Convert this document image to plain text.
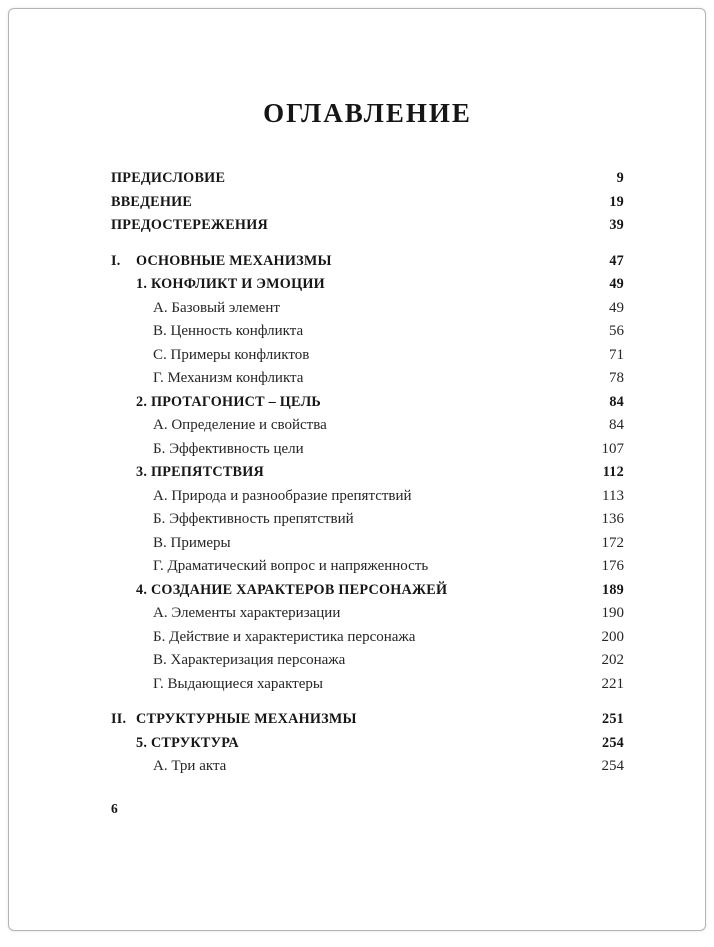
ОГЛАВЛЕНИЕ
ПРЕДИСЛОВИЕ	9
ВВЕДЕНИЕ	19
ПРЕДОСТЕРЕЖЕНИЯ	39
I. ОСНОВНЫЕ МЕХАНИЗМЫ	47
1. КОНФЛИКТ И ЭМОЦИИ	49
А. Базовый элемент	49
В. Ценность конфликта	56
С. Примеры конфликтов	71
Г. Механизм конфликта	78
2. ПРОТАГОНИСТ – ЦЕЛЬ	84
А. Определение и свойства	84
Б. Эффективность цели	107
3. ПРЕПЯТСТВИЯ	112
А. Природа и разнообразие препятствий	113
Б. Эффективность препятствий	136
В. Примеры	172
Г. Драматический вопрос и напряженность	176
4. СОЗДАНИЕ ХАРАКТЕРОВ ПЕРСОНАЖЕЙ	189
А. Элементы характеризации	190
Б. Действие и характеристика персонажа	200
В. Характеризация персонажа	202
Г. Выдающиеся характеры	221
II. СТРУКТУРНЫЕ МЕХАНИЗМЫ	251
5. СТРУКТУРА	254
А. Три акта	254
6
